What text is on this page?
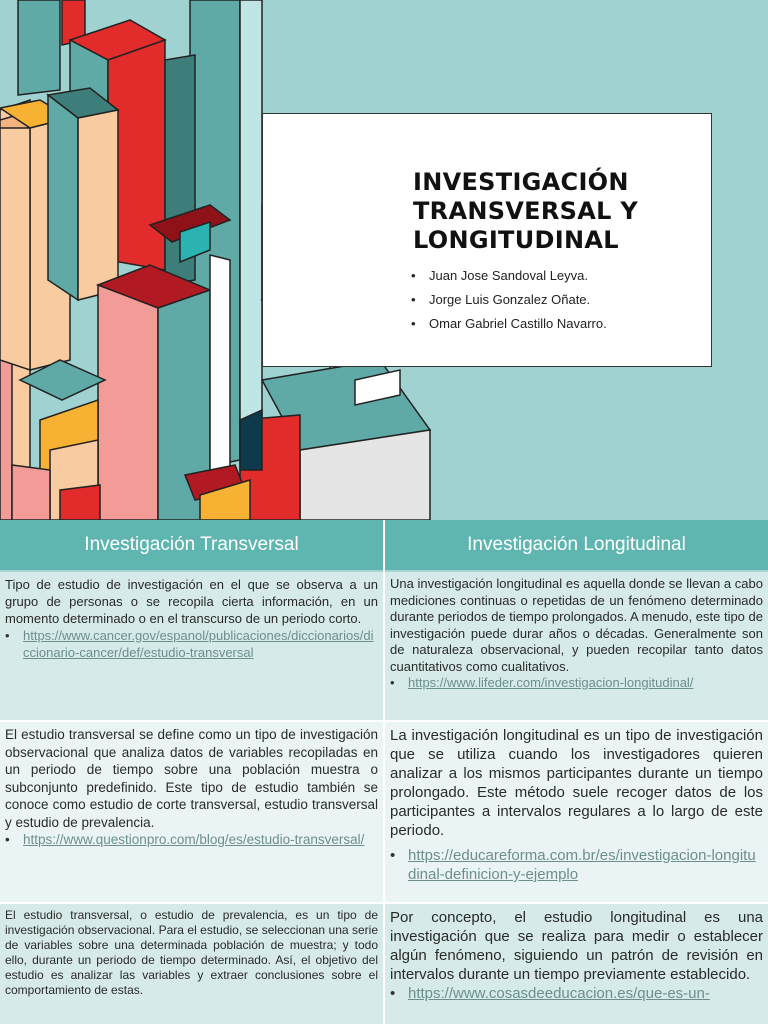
INVESTIGACIÓN TRANSVERSAL Y LONGITUDINAL
• Juan Jose Sandoval Leyva.
• Jorge Luis Gonzalez Oñate.
• Omar Gabriel Castillo Navarro.
Investigación Transversal	Investigación Longitudinal

Tipo de estudio de investigación en el que se observa a un grupo de personas o se recopila cierta información, en un momento determinado o en el transcurso de un periodo corto.

• https://www.cancer.gov/espanol/publicaciones/diccionarios/diccionario-cancer/def/estudio-transversal

Una investigación longitudinal es aquella donde se llevan a cabo mediciones continuas o repetidas de un fenómeno determinado durante periodos de tiempo prolongados. A menudo, este tipo de investigación puede durar años o décadas. Generalmente son de naturaleza observacional, y pueden recopilar tanto datos cuantitativos como cualitativos.

• https://www.lifeder.com/investigacion-longitudinal/

El estudio transversal se define como un tipo de investigación observacional que analiza datos de variables recopiladas en un periodo de tiempo sobre una población muestra o subconjunto predefinido. Este tipo de estudio también se conoce como estudio de corte transversal, estudio transversal y estudio de prevalencia.

• https://www.questionpro.com/blog/es/estudio-transversal/

La investigación longitudinal es un tipo de investigación que se utiliza cuando los investigadores quieren analizar a los mismos participantes durante un tiempo prolongado. Este método suele recoger datos de los participantes a intervalos regulares a lo largo de este periodo.

• https://educareforma.com.br/es/investigacion-longitudinal-definicion-y-ejemplo

El estudio transversal, o estudio de prevalencia, es un tipo de investigación observacional. Para el estudio, se seleccionan una serie de variables sobre una determinada población de muestra; y todo ello, durante un periodo de tiempo determinado. Así, el objetivo del estudio es analizar las variables y extraer conclusiones sobre el comportamiento de estas.

Por concepto, el estudio longitudinal es una investigación que se realiza para medir o establecer algún fenómeno, siguiendo un patrón de revisión en intervalos durante un tiempo previamente establecido.

• https://www.cosasdeeducacion.es/que-es-un-
